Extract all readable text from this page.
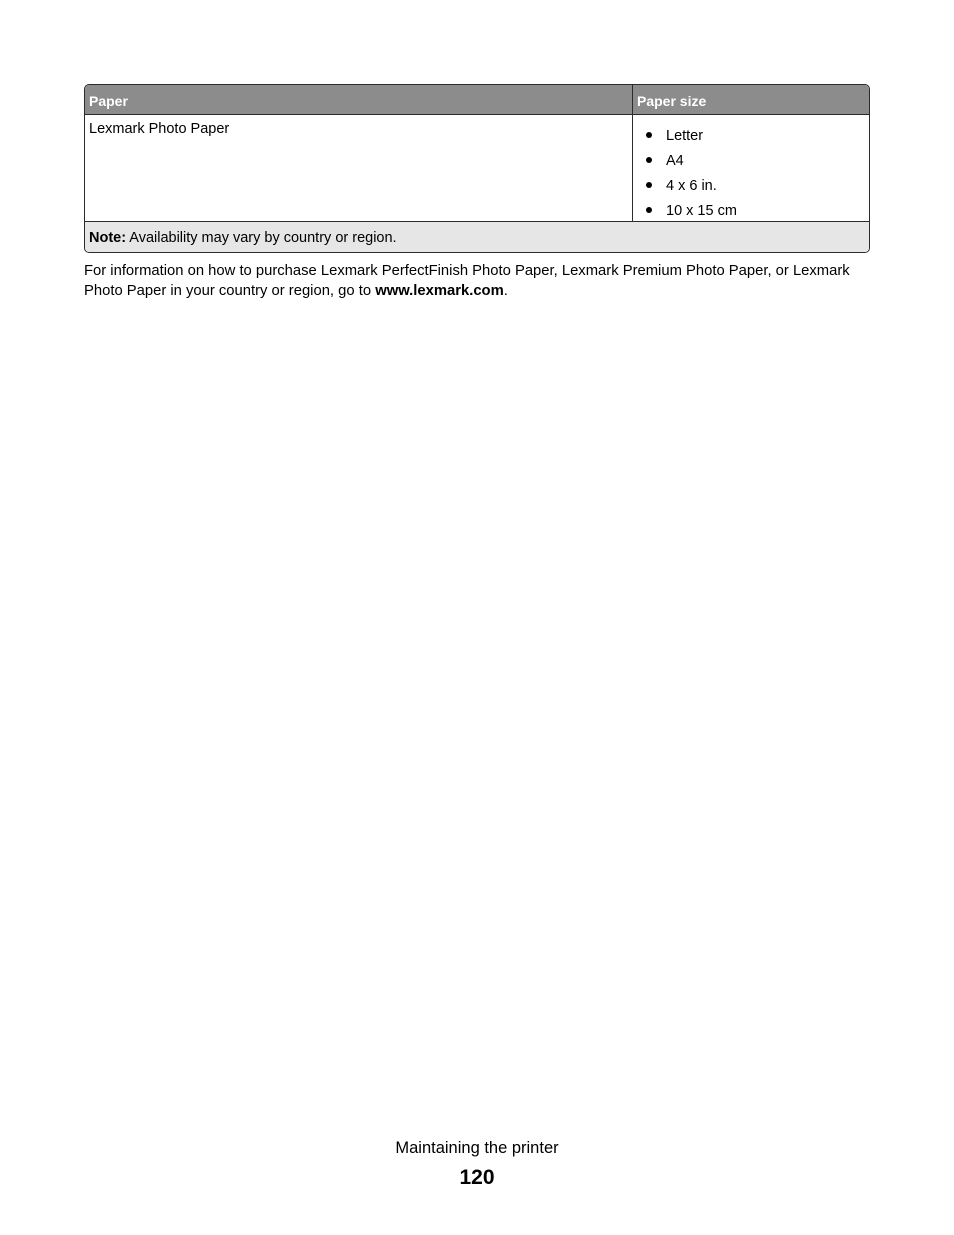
Paper	Paper size
Lexmark Photo Paper	Letter
A4
4 x 6 in.
10 x 15 cm
Note: Availability may vary by country or region.

For information on how to purchase Lexmark PerfectFinish Photo Paper, Lexmark Premium Photo Paper, or Lexmark Photo Paper in your country or region, go to www.lexmark.com.

Maintaining the printer
120
